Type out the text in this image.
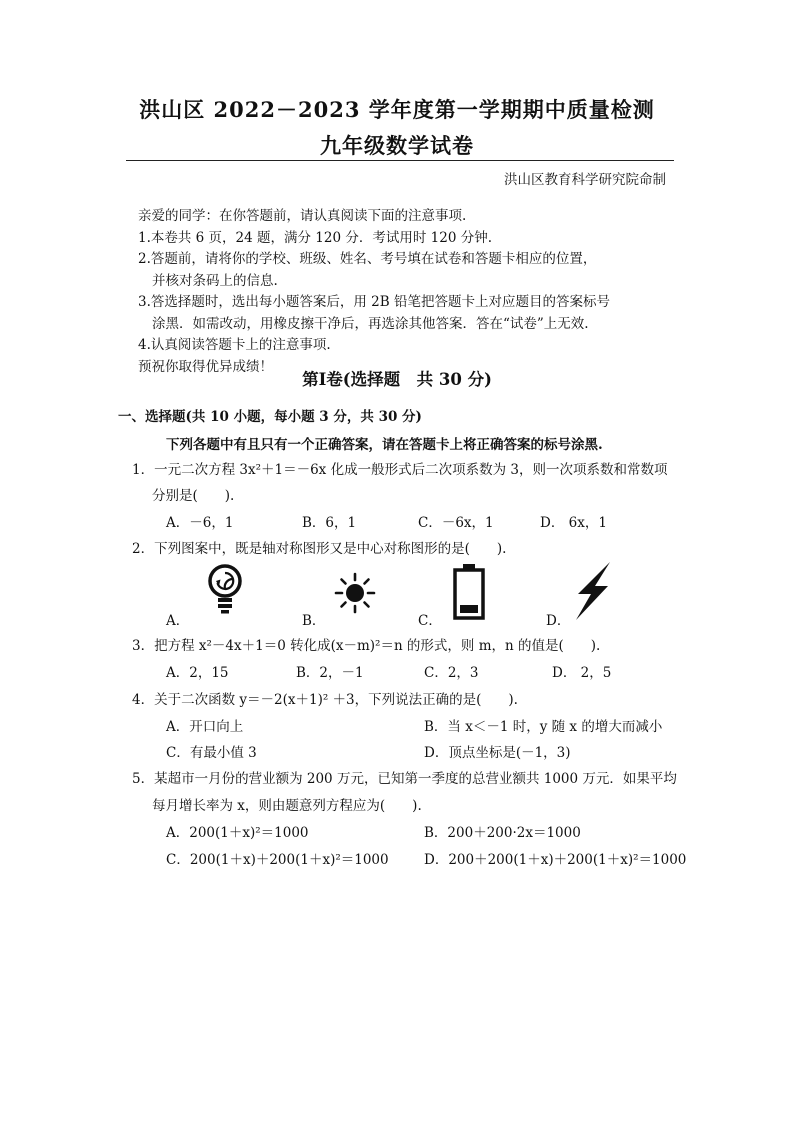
洪山区 2022－2023 学年度第一学期期中质量检测
九年级数学试卷
洪山区教育科学研究院命制
亲爱的同学：在你答题前，请认真阅读下面的注意事项.
1.本卷共 6 页，24 题，满分 120 分．考试用时 120 分钟.
2.答题前，请将你的学校、班级、姓名、考号填在试卷和答题卡相应的位置，
并核对条码上的信息.
3.答选择题时，选出每小题答案后，用 2B 铅笔把答题卡上对应题目的答案标号
涂黑．如需改动，用橡皮擦干净后，再选涂其他答案．答在“试卷”上无效.
4.认真阅读答题卡上的注意事项.
预祝你取得优异成绩！
第Ⅰ卷(选择题　共 30 分)
一、选择题(共 10 小题，每小题 3 分，共 30 分)
下列各题中有且只有一个正确答案，请在答题卡上将正确答案的标号涂黑.
1．一元二次方程 3x²＋1＝－6x 化成一般形式后二次项系数为 3，则一次项系数和常数项
分别是(　　).
A．－6，1	B．6，1	C．－6x，1	D． 6x，1
2．下列图案中，既是轴对称图形又是中心对称图形的是(　　).
A．	B．	C．	D．
3．把方程 x²－4x＋1＝0 转化成(x－m)²＝n 的形式，则 m，n 的值是(　　).
A．2，15	B．2，－1	C．2，3	D． 2，5
4．关于二次函数 y＝－2(x＋1)² ＋3，下列说法正确的是(　　).
A．开口向上	B．当 x＜－1 时，y 随 x 的增大而减小
C．有最小值 3	D．顶点坐标是(－1，3)
5．某超市一月份的营业额为 200 万元，已知第一季度的总营业额共 1000 万元．如果平均
每月增长率为 x，则由题意列方程应为(　　).
A．200(1＋x)²＝1000	B．200＋200·2x＝1000
C．200(1＋x)＋200(1＋x)²＝1000	D．200＋200(1＋x)＋200(1＋x)²＝1000
